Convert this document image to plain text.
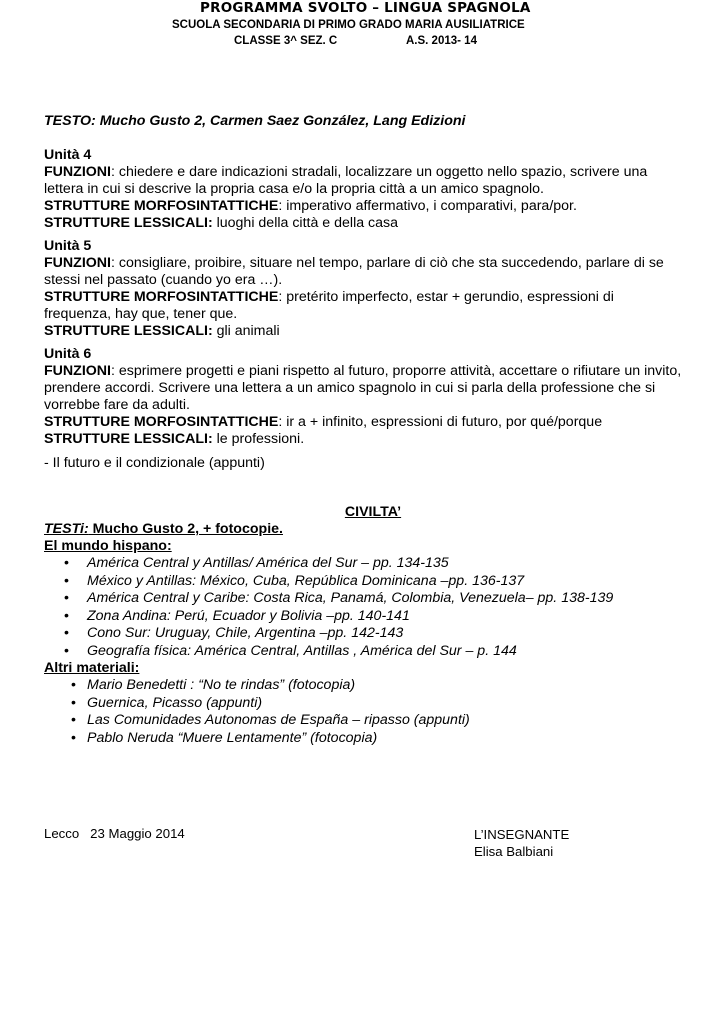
PROGRAMMA SVOLTO – LINGUA SPAGNOLA
SCUOLA SECONDARIA DI PRIMO GRADO MARIA AUSILIATRICE
CLASSE 3^ SEZ. C	A.S. 2013- 14

TESTO: Mucho Gusto 2, Carmen Saez González, Lang Edizioni

Unità 4

FUNZIONI: chiedere e dare indicazioni stradali, localizzare un oggetto nello spazio, scrivere una lettera in cui si descrive la propria casa e/o la propria città a un amico spagnolo.

STRUTTURE MORFOSINTATTICHE: imperativo affermativo, i comparativi, para/por.

STRUTTURE LESSICALI: luoghi della città e della casa

Unità 5

FUNZIONI: consigliare, proibire, situare nel tempo, parlare di ciò che sta succedendo, parlare di se stessi nel passato (cuando yo era …).

STRUTTURE MORFOSINTATTICHE: pretérito imperfecto, estar + gerundio, espressioni di frequenza, hay que, tener que.

STRUTTURE LESSICALI: gli animali

Unità 6

FUNZIONI: esprimere progetti e piani rispetto al futuro, proporre attività, accettare o rifiutare un invito, prendere accordi. Scrivere una lettera a un amico spagnolo in cui si parla della professione che si vorrebbe fare da adulti.

STRUTTURE MORFOSINTATTICHE: ir a + infinito, espressioni di futuro, por qué/porque

STRUTTURE LESSICALI: le professioni.

- Il futuro e il condizionale (appunti)

CIVILTA’

TESTi: Mucho Gusto 2, + fotocopie.

El mundo hispano:

• América Central y Antillas/ América del Sur – pp. 134-135
• México y Antillas: México, Cuba, República Dominicana –pp. 136-137
• América Central y Caribe: Costa Rica, Panamá, Colombia, Venezuela– pp. 138-139
• Zona Andina: Perú, Ecuador y Bolivia –pp. 140-141
• Cono Sur: Uruguay, Chile, Argentina –pp. 142-143
• Geografía física: América Central, Antillas , América del Sur – p. 144

Altri materiali:

• Mario Benedetti : “No te rindas” (fotocopia)
• Guernica, Picasso (appunti)
• Las Comunidades Autonomas de España – ripasso (appunti)
• Pablo Neruda “Muere Lentamente” (fotocopia)
Lecco   23 Maggio 2014	L’INSEGNANTE
Elisa Balbiani
